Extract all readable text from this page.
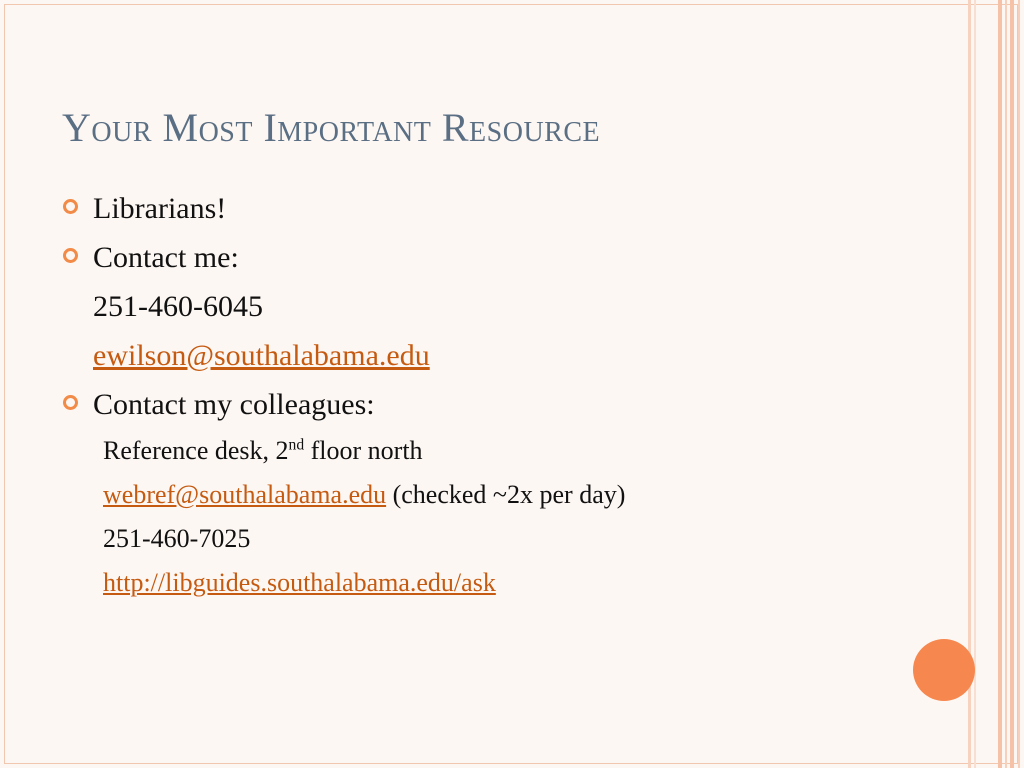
Your Most Important Resource
Librarians!
Contact me:
251-460-6045
ewilson@southalabama.edu
Contact my colleagues:
Reference desk, 2nd floor north
webref@southalabama.edu (checked ~2x per day)
251-460-7025
http://libguides.southalabama.edu/ask
